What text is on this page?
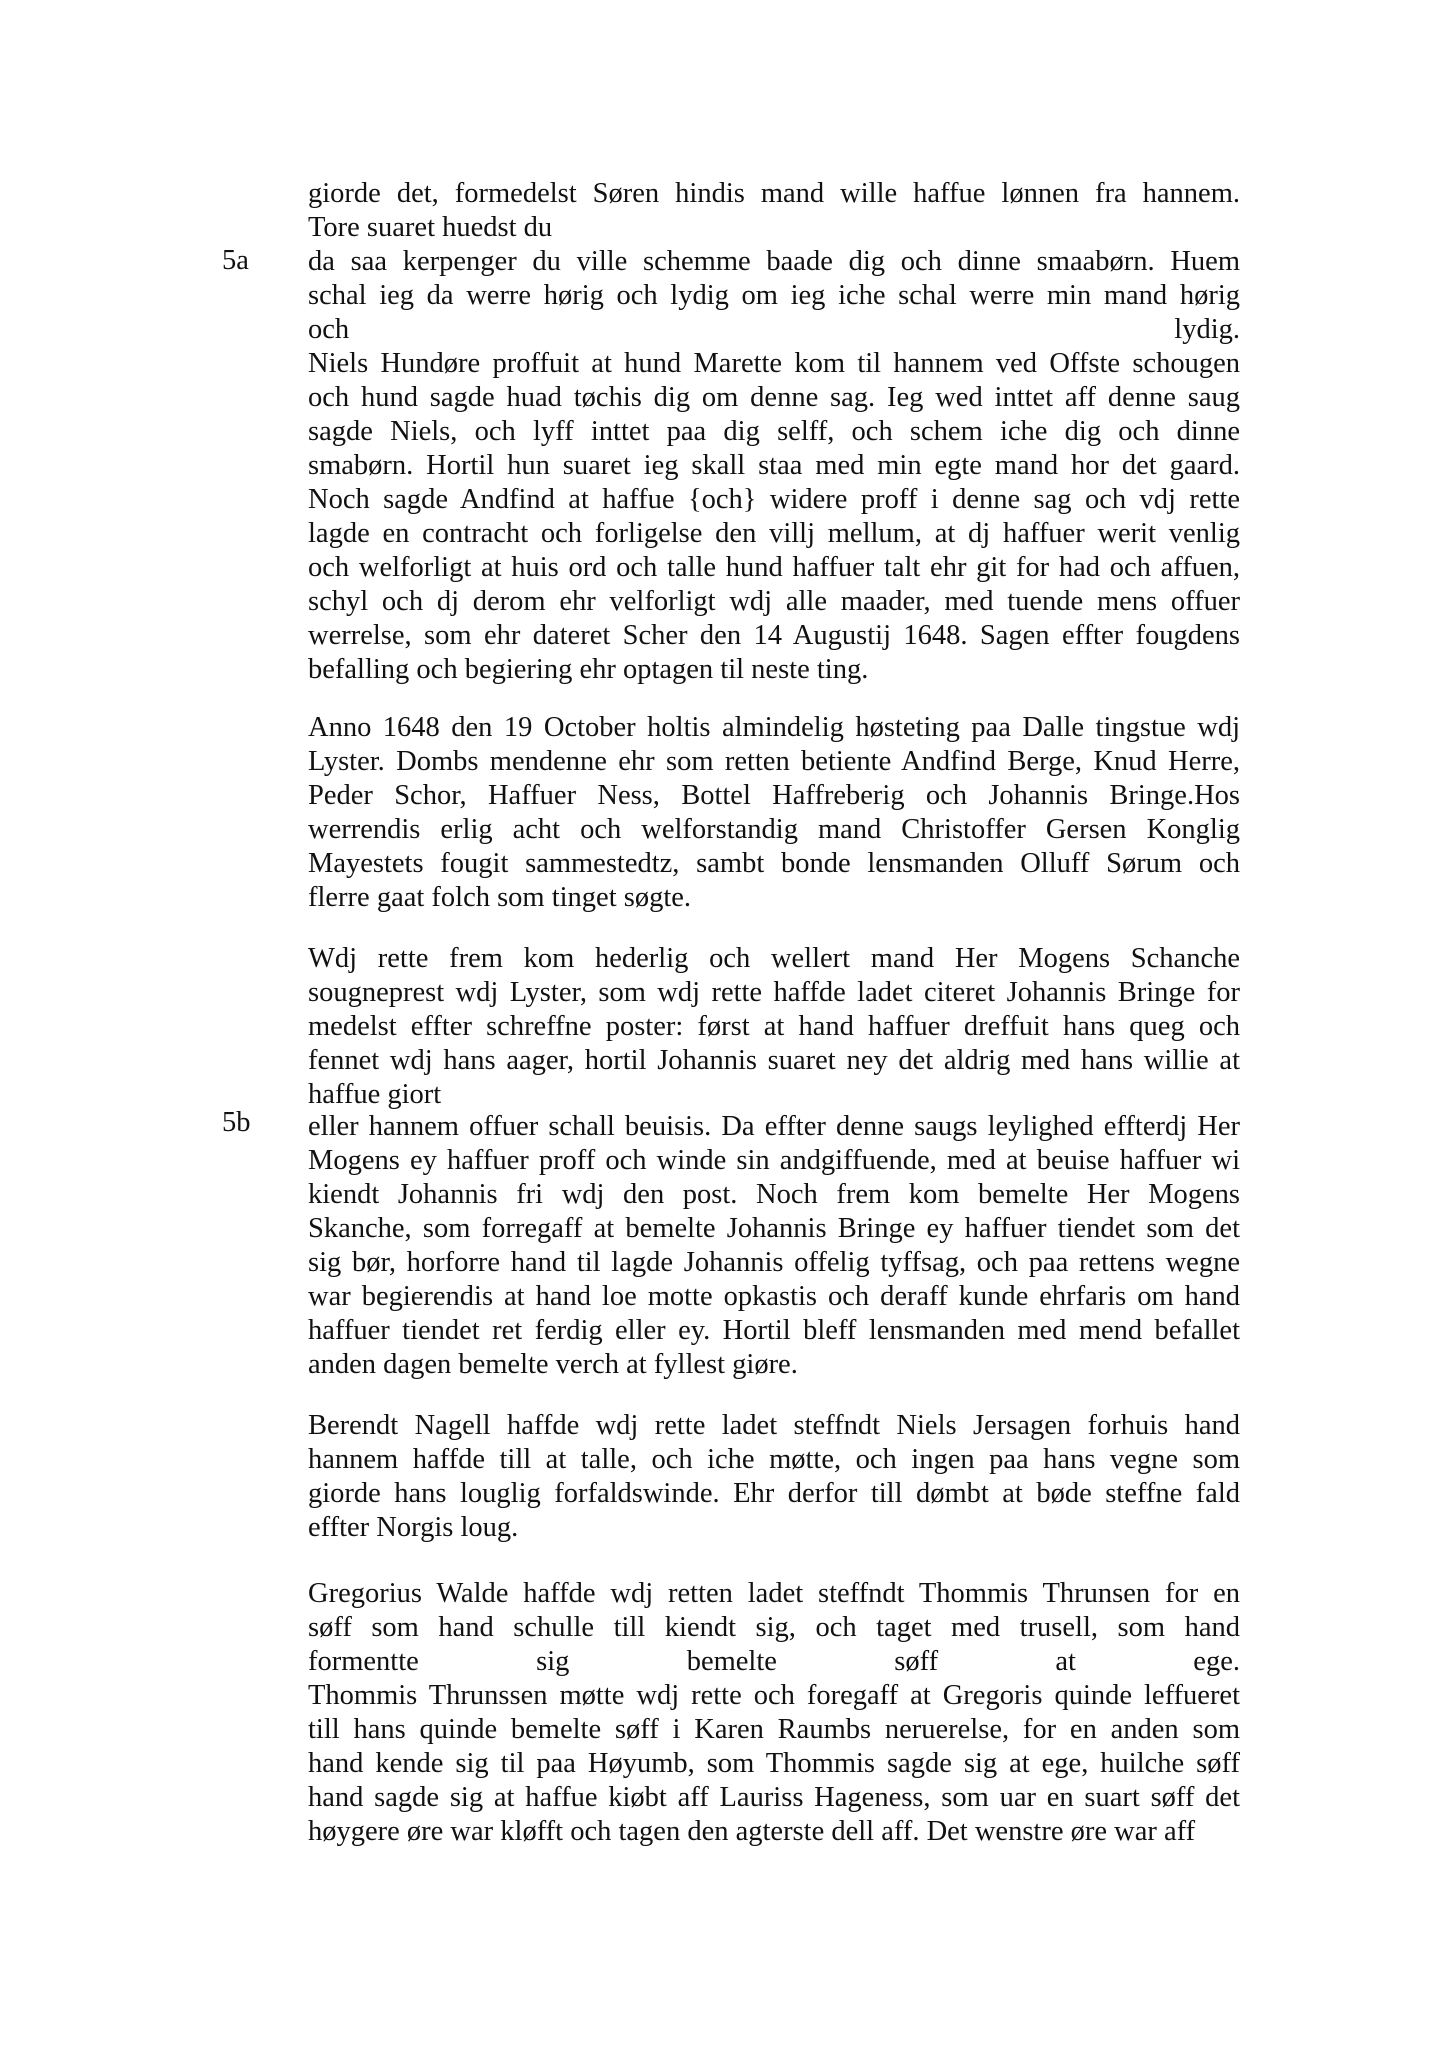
5a
5b
giorde det, formedelst Søren hindis mand wille haffue lønnen fra hannem.
Tore suaret huedst du
da saa kerpenger du ville schemme baade dig och dinne smaabørn. Huem
schal ieg da werre hørig och lydig om ieg iche schal werre min mand hørig
och lydig.
Niels Hundøre proffuit at hund Marette kom til hannem ved Offste schougen
och hund sagde huad tøchis dig om denne sag. Ieg wed inttet aff denne saug
sagde Niels, och lyff inttet paa dig selff, och schem iche dig och dinne
smabørn. Hortil hun suaret ieg skall staa med min egte mand hor det gaard.
Noch sagde Andfind at haffue {och} widere proff i denne sag och vdj rette
lagde en contracht och forligelse den villj mellum, at dj haffuer werit venlig
och welforligt at huis ord och talle hund haffuer talt ehr git for had och affuen,
schyl och dj derom ehr velforligt wdj alle maader, med tuende mens offuer
werrelse, som ehr dateret Scher den 14 Augustij 1648. Sagen effter fougdens
befalling och begiering ehr optagen til neste ting.
Anno 1648 den 19 October holtis almindelig høsteting paa Dalle tingstue wdj
Lyster. Dombs mendenne ehr som retten betiente Andfind Berge, Knud Herre,
Peder Schor, Haffuer Ness, Bottel Haffreberig och Johannis Bringe.Hos
werrendis erlig acht och welforstandig mand Christoffer Gersen Konglig
Mayestets fougit sammestedtz, sambt bonde lensmanden Olluff Sørum och
flerre gaat folch som tinget søgte.
Wdj rette frem kom hederlig och wellert mand Her Mogens Schanche
sougneprest wdj Lyster, som wdj rette haffde ladet citeret Johannis Bringe for
medelst effter schreffne poster: først at hand haffuer dreffuit hans queg och
fennet wdj hans aager, hortil Johannis suaret ney det aldrig med hans willie at
haffue giort
eller hannem offuer schall beuisis. Da effter denne saugs leylighed effterdj Her
Mogens ey haffuer proff och winde sin andgiffuende, med at beuise haffuer wi
kiendt Johannis fri wdj den post. Noch frem kom bemelte Her Mogens
Skanche, som forregaff at bemelte Johannis Bringe ey haffuer tiendet som det
sig bør, horforre hand til lagde Johannis offelig tyffsag, och paa rettens wegne
war begierendis at hand loe motte opkastis och deraff kunde ehrfaris om hand
haffuer tiendet ret ferdig eller ey. Hortil bleff lensmanden med mend befallet
anden dagen bemelte verch at fyllest giøre.
Berendt Nagell haffde wdj rette ladet steffndt Niels Jersagen forhuis hand
hannem haffde till at talle, och iche møtte, och ingen paa hans vegne som
giorde hans louglig forfaldswinde. Ehr derfor till dømbt at bøde steffne fald
effter Norgis loug.
Gregorius Walde haffde wdj retten ladet steffndt Thommis Thrunsen for en
søff som hand schulle till kiendt sig, och taget med trusell, som hand
formentte sig bemelte søff at ege.
Thommis Thrunssen møtte wdj rette och foregaff at Gregoris quinde leffueret
till hans quinde bemelte søff i Karen Raumbs neruerelse, for en anden som
hand kende sig til paa Høyumb, som Thommis sagde sig at ege, huilche søff
hand sagde sig at haffue kiøbt aff Lauriss Hageness, som uar en suart søff det
høygere øre war kløfft och tagen den agterste dell aff. Det wenstre øre war aff
